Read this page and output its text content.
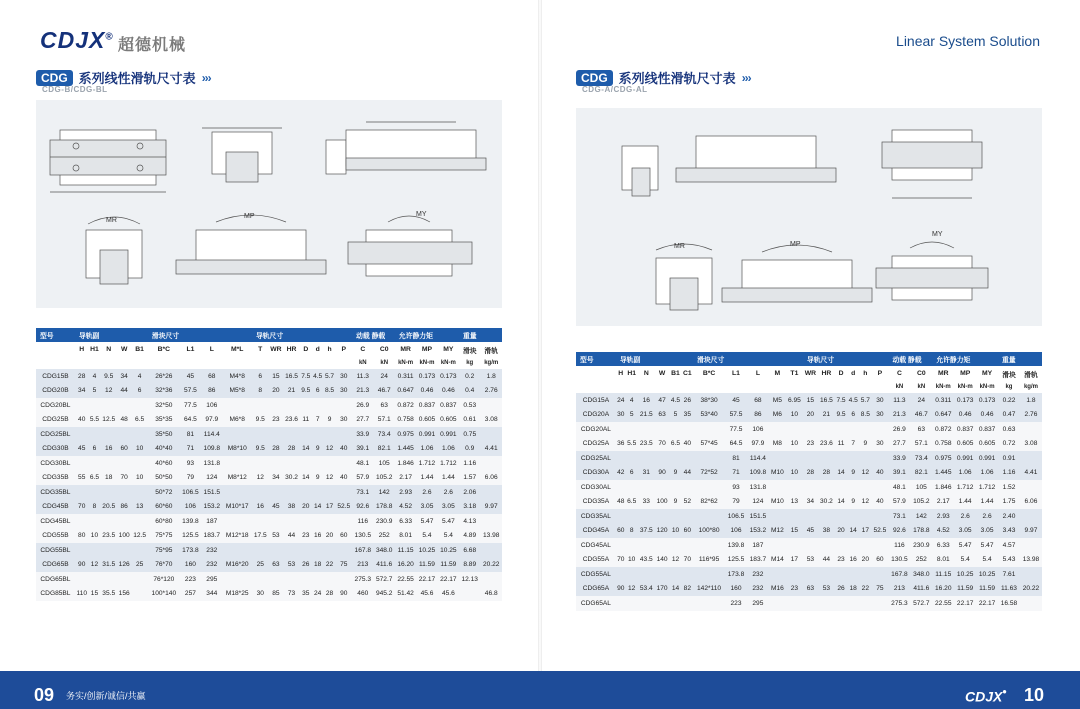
CDJX®
超德机械	Linear System Solution
CDG 系列线性滑轨尺寸表 ›››
CDG-B/CDG-BL
CDG 系列线性滑轨尺寸表 ›››
CDG-A/CDG-AL
MR
MP	MY
MR	MP
MY
型号	导轨副					滑块尺寸				导轨尺寸							动载 静载		允许静力矩			重量	
	H	H1	N	W	B1	B*C	L1	L	M*L	T	WR	HR	D	d	h	P	C	C0	MR	MP	MY	滑块	滑轨
																	kN	kN	kN-m	kN-m	kN-m	kg	kg/m
CDG15B	28	4	9.5	34	4	26*26	45	68	M4*8	6	15	16.5	7.5	4.5	5.7	30	11.3	24	0.311	0.173	0.173	0.2	1.8
CDG20B	34	5	12	44	6	32*36	57.5	86	M5*8	8	20	21	9.5	6	8.5	30	21.3	46.7	0.647	0.46	0.46	0.4	2.76
CDG20BL						32*50	77.5	106									26.9	63	0.872	0.837	0.837	0.53	
CDG25B	40	5.5	12.5	48	6.5	35*35	64.5	97.9	M6*8	9.5	23	23.6	11	7	9	30	27.7	57.1	0.758	0.605	0.605	0.61	3.08
CDG25BL						35*50	81	114.4									33.9	73.4	0.975	0.991	0.991	0.75	
CDG30B	45	6	16	60	10	40*40	71	109.8	M8*10	9.5	28	28	14	9	12	40	39.1	82.1	1.445	1.06	1.06	0.9	4.41
CDG30BL						40*60	93	131.8									48.1	105	1.846	1.712	1.712	1.16	
CDG35B	55	6.5	18	70	10	50*50	79	124	M8*12	12	34	30.2	14	9	12	40	57.9	105.2	2.17	1.44	1.44	1.57	6.06
CDG35BL						50*72	106.5	151.5									73.1	142	2.93	2.6	2.6	2.06	
CDG45B	70	8	20.5	86	13	60*60	106	153.2	M10*17	16	45	38	20	14	17	52.5	92.6	178.8	4.52	3.05	3.05	3.18	9.97
CDG45BL						60*80	139.8	187									116	230.9	6.33	5.47	5.47	4.13	
CDG55B	80	10	23.5	100	12.5	75*75	125.5	183.7	M12*18	17.5	53	44	23	16	20	60	130.5	252	8.01	5.4	5.4	4.89	13.98
CDG55BL						75*95	173.8	232									167.8	348.0	11.15	10.25	10.25	6.68	
CDG65B	90	12	31.5	126	25	76*70	160	232	M16*20	25	63	53	26	18	22	75	213	411.6	16.20	11.59	11.59	8.89	20.22
CDG65BL						76*120	223	295									275.3	572.7	22.55	22.17	22.17	12.13	
CDG85BL	110	15	35.5	156		100*140	257	344	M18*25	30	85	73	35	24	28	90	460	945.2	51.42	45.6	45.6		46.8
型号	导轨副						滑块尺寸					导轨尺寸						动载 静载		允许静力矩			重量	
	H	H1	N	W	B1	C1	B*C	L1	L	M	T1	WR	HR	D	d	h	P	C	C0	MR	MP	MY	滑块	滑轨
																		kN	kN	kN-m	kN-m	kN-m	kg	kg/m
CDG15A	24	4	16	47	4.5	26	38*30	45	68	M5	6.95	15	16.5	7.5	4.5	5.7	30	11.3	24	0.311	0.173	0.173	0.22	1.8
CDG20A	30	5	21.5	63	5	35	53*40	57.5	86	M6	10	20	21	9.5	6	8.5	30	21.3	46.7	0.647	0.46	0.46	0.47	2.76
CDG20AL								77.5	106									26.9	63	0.872	0.837	0.837	0.63	
CDG25A	36	5.5	23.5	70	6.5	40	57*45	64.5	97.9	M8	10	23	23.6	11	7	9	30	27.7	57.1	0.758	0.605	0.605	0.72	3.08
CDG25AL								81	114.4									33.9	73.4	0.975	0.991	0.991	0.91	
CDG30A	42	6	31	90	9	44	72*52	71	109.8	M10	10	28	28	14	9	12	40	39.1	82.1	1.445	1.06	1.06	1.16	4.41
CDG30AL								93	131.8									48.1	105	1.846	1.712	1.712	1.52	
CDG35A	48	6.5	33	100	9	52	82*62	79	124	M10	13	34	30.2	14	9	12	40	57.9	105.2	2.17	1.44	1.44	1.75	6.06
CDG35AL								106.5	151.5									73.1	142	2.93	2.6	2.6	2.40	
CDG45A	60	8	37.5	120	10	60	100*80	106	153.2	M12	15	45	38	20	14	17	52.5	92.6	178.8	4.52	3.05	3.05	3.43	9.97
CDG45AL								139.8	187									116	230.9	6.33	5.47	5.47	4.57	
CDG55A	70	10	43.5	140	12	70	116*95	125.5	183.7	M14	17	53	44	23	16	20	60	130.5	252	8.01	5.4	5.4	5.43	13.98
CDG55AL								173.8	232									167.8	348.0	11.15	10.25	10.25	7.61	
CDG65A	90	12	53.4	170	14	82	142*110	160	232	M16	23	63	53	26	18	22	75	213	411.6	16.20	11.59	11.59	11.63	20.22
CDG65AL								223	295									275.3	572.7	22.55	22.17	22.17	16.58	
09 务实/创新/诚信/共赢	CDJX• 10
